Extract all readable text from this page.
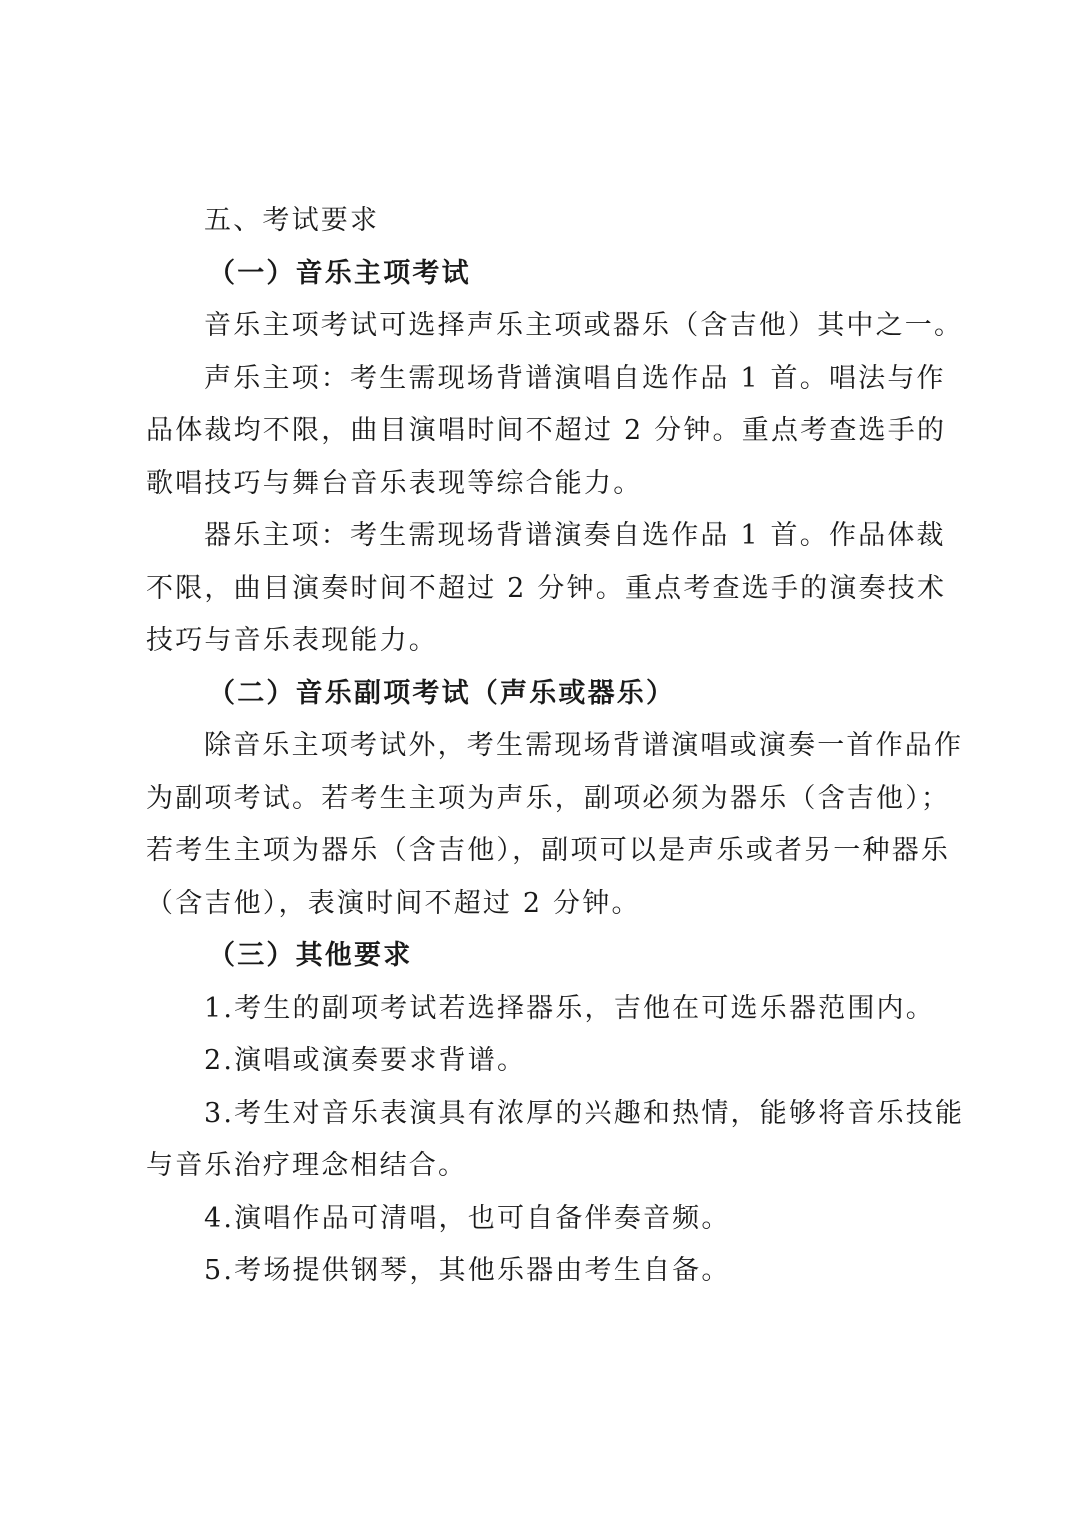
五、考试要求

（一）音乐主项考试

音乐主项考试可选择声乐主项或器乐（含吉他）其中之一。

声乐主项：考生需现场背谱演唱自选作品 1 首。唱法与作

品体裁均不限，曲目演唱时间不超过 2 分钟。重点考查选手的

歌唱技巧与舞台音乐表现等综合能力。

器乐主项：考生需现场背谱演奏自选作品 1 首。作品体裁

不限，曲目演奏时间不超过 2 分钟。重点考查选手的演奏技术

技巧与音乐表现能力。

（二）音乐副项考试（声乐或器乐）

除音乐主项考试外，考生需现场背谱演唱或演奏一首作品作

为副项考试。若考生主项为声乐，副项必须为器乐（含吉他）；

若考生主项为器乐（含吉他），副项可以是声乐或者另一种器乐

（含吉他），表演时间不超过 2 分钟。

（三）其他要求

1.考生的副项考试若选择器乐，吉他在可选乐器范围内。

2.演唱或演奏要求背谱。

3.考生对音乐表演具有浓厚的兴趣和热情，能够将音乐技能

与音乐治疗理念相结合。

4.演唱作品可清唱，也可自备伴奏音频。

5.考场提供钢琴，其他乐器由考生自备。
